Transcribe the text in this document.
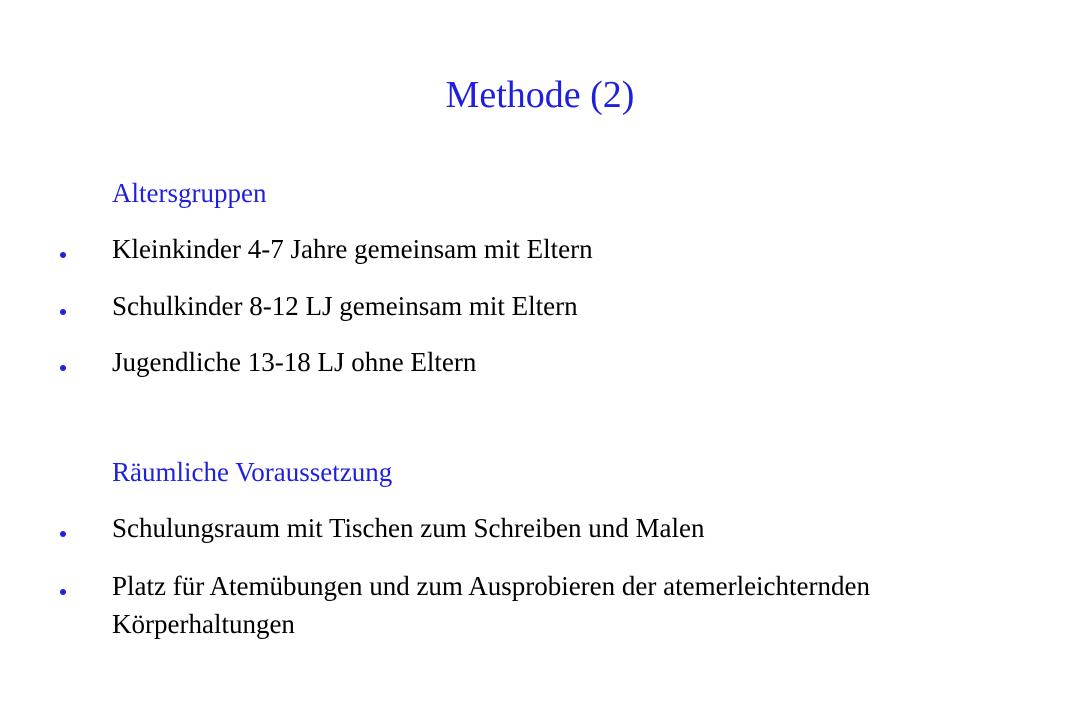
Methode (2)
Altersgruppen
Kleinkinder 4-7 Jahre gemeinsam mit Eltern
Schulkinder 8-12 LJ gemeinsam mit Eltern
Jugendliche 13-18 LJ ohne Eltern
Räumliche Voraussetzung
Schulungsraum mit Tischen zum Schreiben und Malen
Platz für Atemübungen und zum Ausprobieren der atemerleichternden Körperhaltungen
